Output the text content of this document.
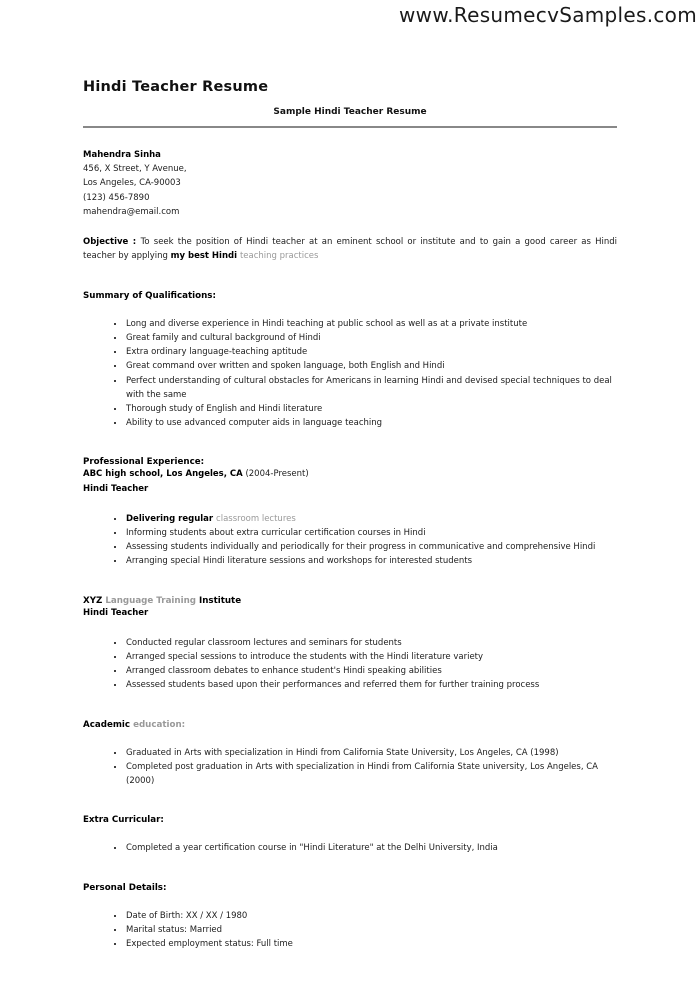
www.ResumecvSamples.com
Hindi Teacher Resume
Sample Hindi Teacher Resume
Mahendra Sinha
456, X Street, Y Avenue,
Los Angeles, CA-90003
(123) 456-7890
mahendra@email.com

Objective : To seek the position of Hindi teacher at an eminent school or institute and to gain a good career as Hindi teacher by applying my best Hindi teaching practices

Summary of Qualifications:
• Long and diverse experience in Hindi teaching at public school as well as at a private institute
• Great family and cultural background of Hindi
• Extra ordinary language-teaching aptitude
• Great command over written and spoken language, both English and Hindi
• Perfect understanding of cultural obstacles for Americans in learning Hindi and devised special techniques to deal with the same
• Thorough study of English and Hindi literature
• Ability to use advanced computer aids in language teaching
Professional Experience:
ABC high school, Los Angeles, CA (2004-Present)
Hindi Teacher
• Delivering regular classroom lectures
• Informing students about extra curricular certification courses in Hindi
• Assessing students individually and periodically for their progress in communicative and comprehensive Hindi
• Arranging special Hindi literature sessions and workshops for interested students
XYZ Language Training Institute
Hindi Teacher
• Conducted regular classroom lectures and seminars for students
• Arranged special sessions to introduce the students with the Hindi literature variety
• Arranged classroom debates to enhance student's Hindi speaking abilities
• Assessed students based upon their performances and referred them for further training process
Academic education:
• Graduated in Arts with specialization in Hindi from California State University, Los Angeles, CA (1998)
• Completed post graduation in Arts with specialization in Hindi from California State university, Los Angeles, CA (2000)
Extra Curricular:
• Completed a year certification course in "Hindi Literature" at the Delhi University, India
Personal Details:
• Date of Birth: XX / XX / 1980
• Marital status: Married
• Expected employment status: Full time
